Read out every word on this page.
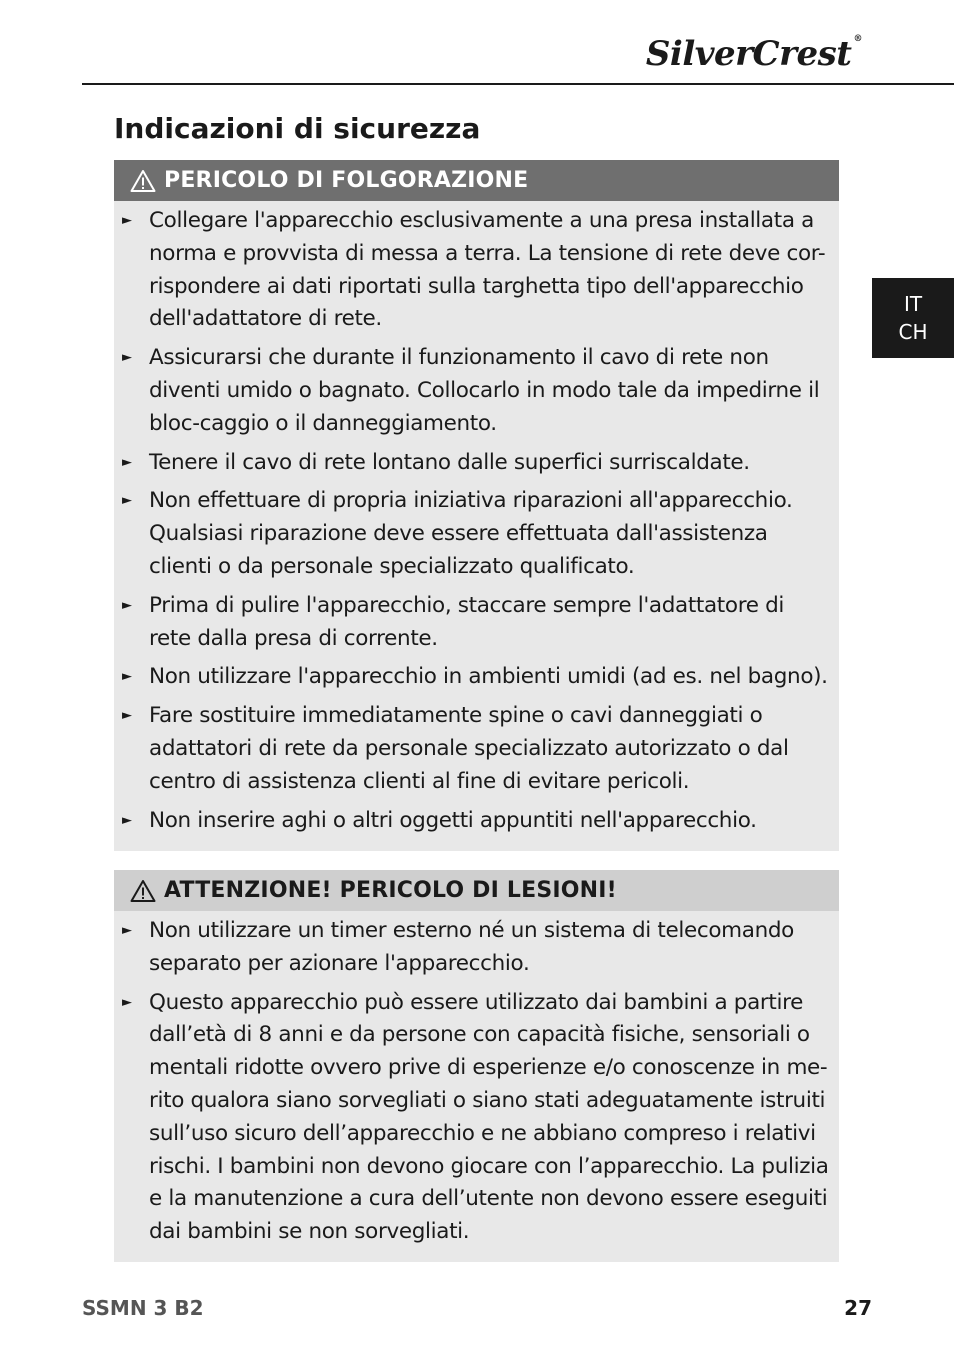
SilverCrest ®
Indicazioni di sicurezza
IT
CH
PERICOLO DI FOLGORAZIONE
► Collegare l'apparecchio esclusivamente a una presa installata a norma e provvista di messa a terra. La tensione di rete deve cor-rispondere ai dati riportati sulla targhetta tipo dell'apparecchio dell'adattatore di rete.
► Assicurarsi che durante il funzionamento il cavo di rete non diventi umido o bagnato. Collocarlo in modo tale da impedirne il bloc-caggio o il danneggiamento.
► Tenere il cavo di rete lontano dalle superfici surriscaldate.
► Non effettuare di propria iniziativa riparazioni all'apparecchio. Qualsiasi riparazione deve essere effettuata dall'assistenza clienti o da personale specializzato qualificato.
► Prima di pulire l'apparecchio, staccare sempre l'adattatore di rete dalla presa di corrente.
► Non utilizzare l'apparecchio in ambienti umidi (ad es. nel bagno).
► Fare sostituire immediatamente spine o cavi danneggiati o adattatori di rete da personale specializzato autorizzato o dal centro di assistenza clienti al fine di evitare pericoli.
► Non inserire aghi o altri oggetti appuntiti nell'apparecchio.
ATTENZIONE! PERICOLO DI LESIONI!
► Non utilizzare un timer esterno né un sistema di telecomando separato per azionare l'apparecchio.
► Questo apparecchio può essere utilizzato dai bambini a partire dall’età di 8 anni e da persone con capacità fisiche, sensoriali o mentali ridotte ovvero prive di esperienze e/o conoscenze in me-rito qualora siano sorvegliati o siano stati adeguatamente istruiti sull’uso sicuro dell’apparecchio e ne abbiano compreso i relativi rischi. I bambini non devono giocare con l’apparecchio. La pulizia e la manutenzione a cura dell’utente non devono essere eseguiti dai bambini se non sorvegliati.
SSMN 3 B2	27
